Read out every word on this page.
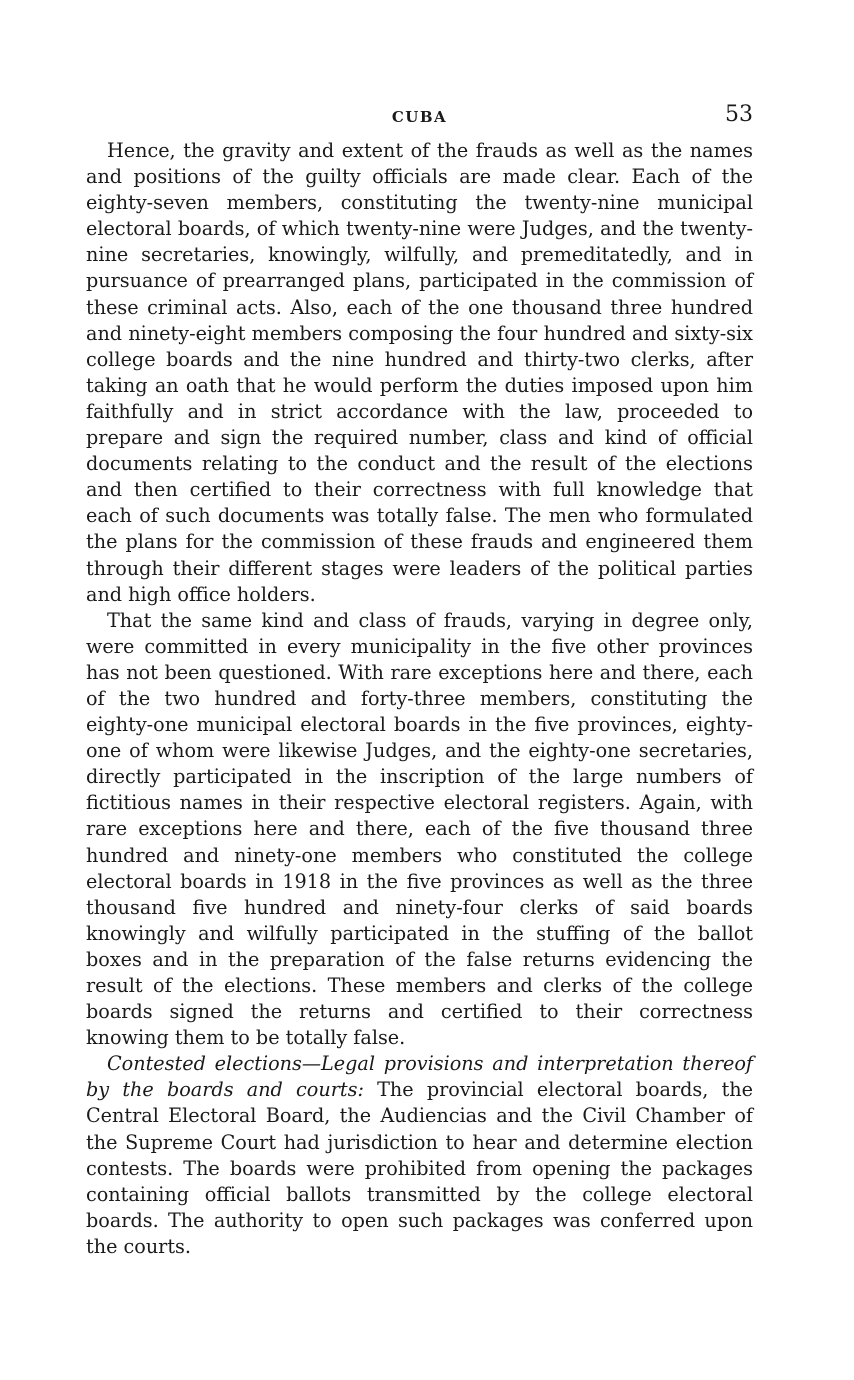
CUBA	53

Hence, the gravity and extent of the frauds as well as the names and positions of the guilty officials are made clear. Each of the eighty-seven members, constituting the twenty-nine municipal electoral boards, of which twenty-nine were Judges, and the twenty-nine secretaries, knowingly, wilfully, and premeditatedly, and in pursuance of prearranged plans, participated in the commission of these criminal acts. Also, each of the one thousand three hundred and ninety-eight members composing the four hundred and sixty-six college boards and the nine hundred and thirty-two clerks, after taking an oath that he would perform the duties imposed upon him faithfully and in strict accordance with the law, proceeded to prepare and sign the required number, class and kind of official documents relating to the conduct and the result of the elections and then certified to their correctness with full knowledge that each of such documents was totally false. The men who formulated the plans for the commission of these frauds and engineered them through their different stages were leaders of the political parties and high office holders.

That the same kind and class of frauds, varying in degree only, were committed in every municipality in the five other provinces has not been questioned. With rare exceptions here and there, each of the two hundred and forty-three members, constituting the eighty-one municipal electoral boards in the five provinces, eighty-one of whom were likewise Judges, and the eighty-one secretaries, directly participated in the inscription of the large numbers of fictitious names in their respective electoral registers. Again, with rare exceptions here and there, each of the five thousand three hundred and ninety-one members who constituted the college electoral boards in 1918 in the five provinces as well as the three thousand five hundred and ninety-four clerks of said boards knowingly and wilfully participated in the stuffing of the ballot boxes and in the preparation of the false returns evidencing the result of the elections. These members and clerks of the college boards signed the returns and certified to their correctness knowing them to be totally false.

Contested elections—Legal provisions and interpretation thereof by the boards and courts: The provincial electoral boards, the Central Electoral Board, the Audiencias and the Civil Chamber of the Supreme Court had jurisdiction to hear and determine election contests. The boards were prohibited from opening the packages containing official ballots transmitted by the college electoral boards. The authority to open such packages was conferred upon the courts.
